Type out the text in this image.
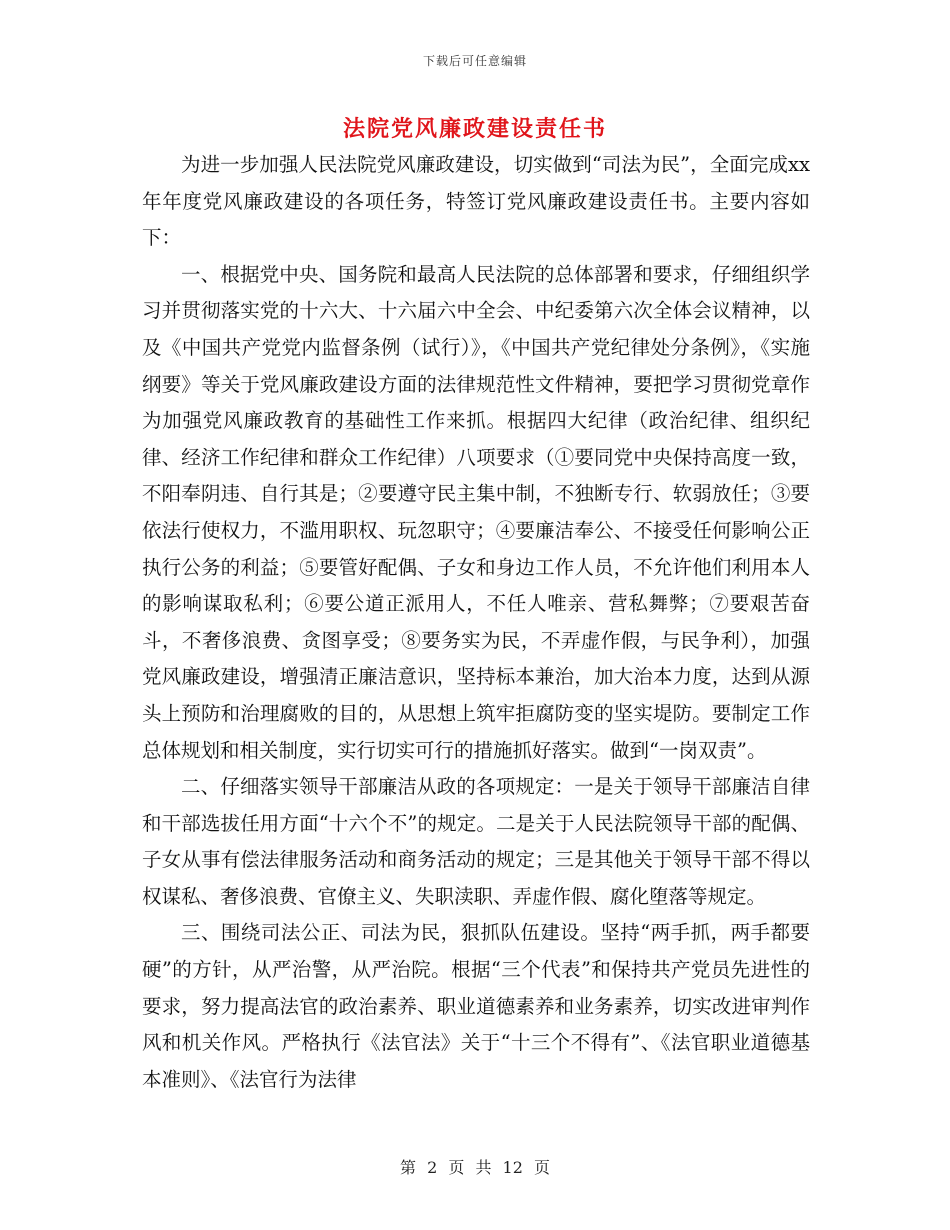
下载后可任意编辑
法院党风廉政建设责任书

为进一步加强人民法院党风廉政建设，切实做到“司法为民”，全面完成xx年年度党风廉政建设的各项任务，特签订党风廉政建设责任书。主要内容如下：

一、根据党中央、国务院和最高人民法院的总体部署和要求，仔细组织学习并贯彻落实党的十六大、十六届六中全会、中纪委第六次全体会议精神，以及《中国共产党党内监督条例（试行）》，《中国共产党纪律处分条例》，《实施纲要》等关于党风廉政建设方面的法律规范性文件精神，要把学习贯彻党章作为加强党风廉政教育的基础性工作来抓。根据四大纪律（政治纪律、组织纪律、经济工作纪律和群众工作纪律）八项要求（①要同党中央保持高度一致，不阳奉阴违、自行其是；②要遵守民主集中制，不独断专行、软弱放任；③要依法行使权力，不滥用职权、玩忽职守；④要廉洁奉公、不接受任何影响公正执行公务的利益；⑤要管好配偶、子女和身边工作人员，不允许他们利用本人的影响谋取私利；⑥要公道正派用人，不任人唯亲、营私舞弊；⑦要艰苦奋斗，不奢侈浪费、贪图享受；⑧要务实为民，不弄虚作假，与民争利），加强党风廉政建设，增强清正廉洁意识，坚持标本兼治，加大治本力度，达到从源头上预防和治理腐败的目的，从思想上筑牢拒腐防变的坚实堤防。要制定工作总体规划和相关制度，实行切实可行的措施抓好落实。做到“一岗双责”。

二、仔细落实领导干部廉洁从政的各项规定：一是关于领导干部廉洁自律和干部选拔任用方面“十六个不”的规定。二是关于人民法院领导干部的配偶、子女从事有偿法律服务活动和商务活动的规定；三是其他关于领导干部不得以权谋私、奢侈浪费、官僚主义、失职渎职、弄虚作假、腐化堕落等规定。

三、围绕司法公正、司法为民，狠抓队伍建设。坚持“两手抓，两手都要硬”的方针，从严治警，从严治院。根据“三个代表”和保持共产党员先进性的要求，努力提高法官的政治素养、职业道德素养和业务素养，切实改进审判作风和机关作风。严格执行《法官法》关于“十三个不得有”、《法官职业道德基本准则》、《法官行为法律

第 2 页 共 12 页
